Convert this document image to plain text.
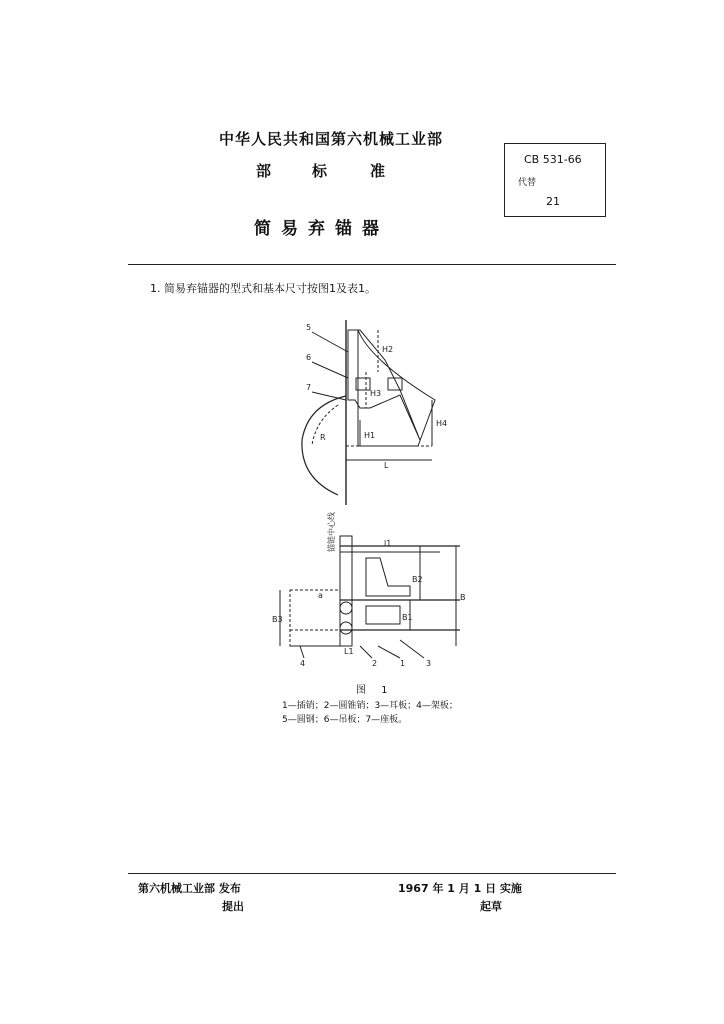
中华人民共和国第六机械工业部
部	标	准
简易弃锚器
CB 531-66
代替
21
1. 简易弃锚器的型式和基本尺寸按图1及表1。
5
6
7
H2
H3
H1
H4
R
L
锚链中心线
a
B3
B2
B1
B
l1
L1
2	1	3
4
图 1
1—插销；2—圆锥销；3—耳板；4—架板；
5—圆钢；6—吊板；7—座板。
第六机械工业部 发布
提出
1967 年 1 月 1 日 实施
起草
